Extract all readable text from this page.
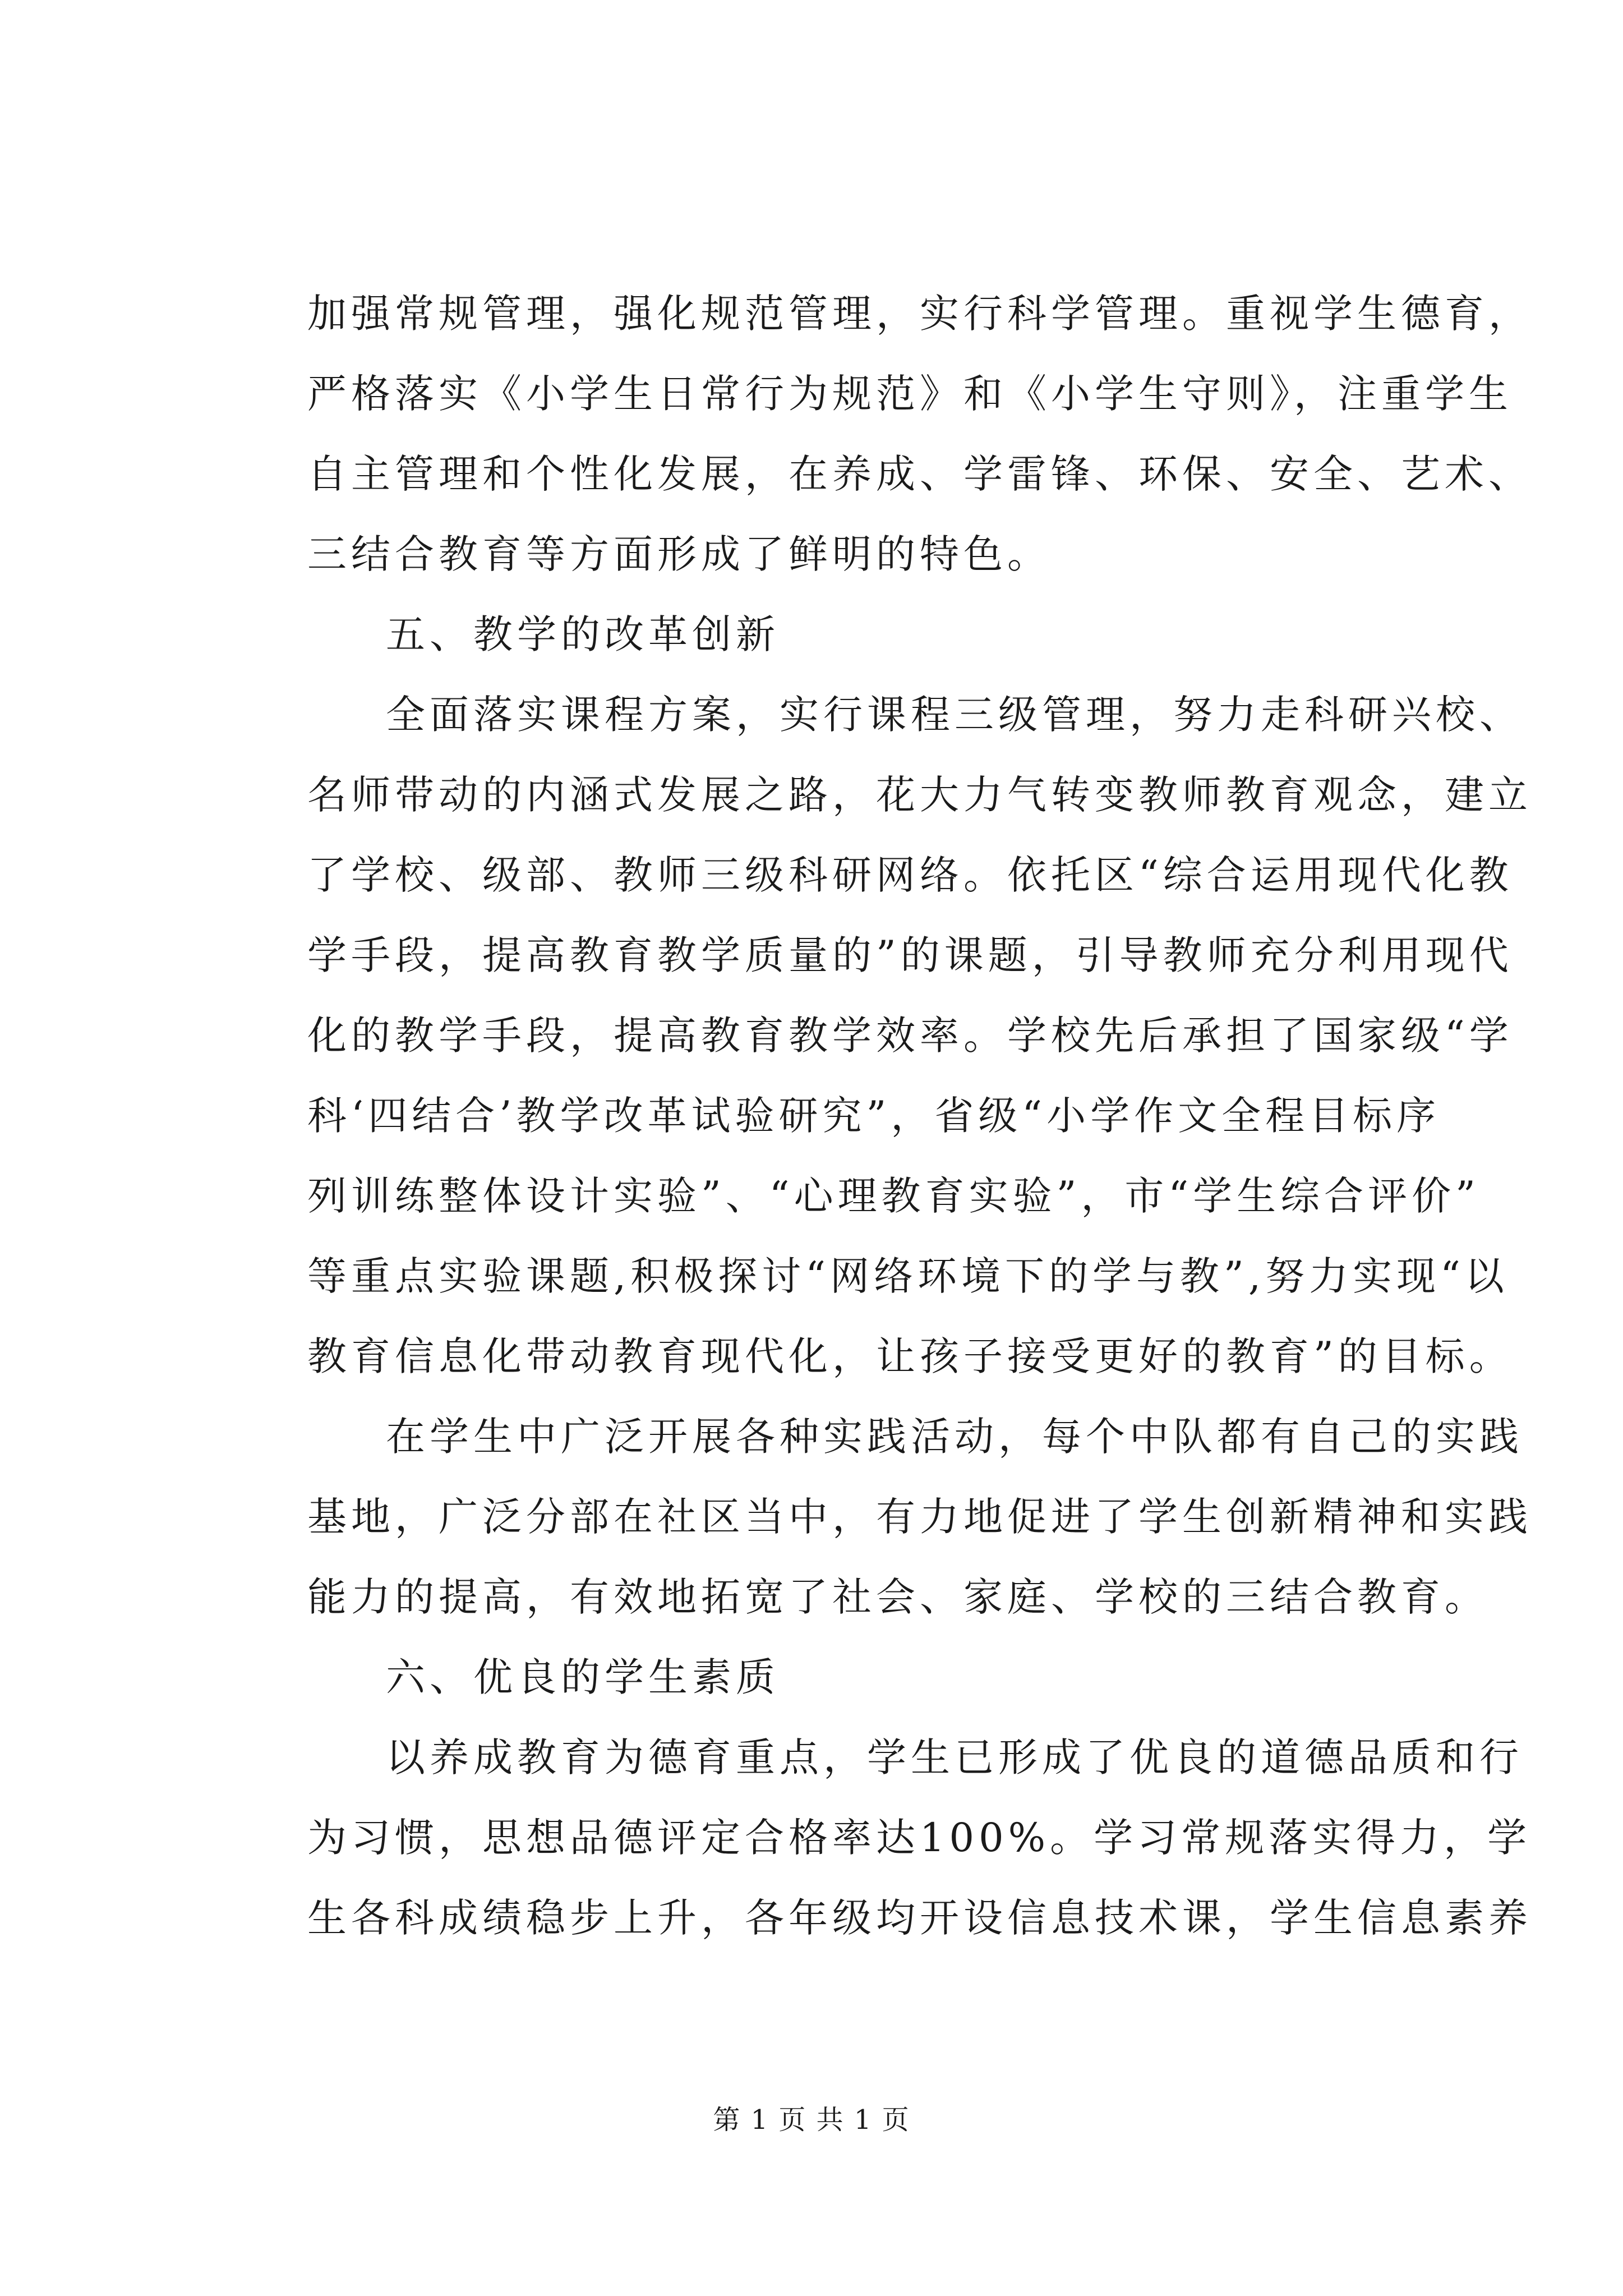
加强常规管理，强化规范管理，实行科学管理。重视学生德育，
严格落实《小学生日常行为规范》和《小学生守则》，注重学生
自主管理和个性化发展，在养成、学雷锋、环保、安全、艺术、
三结合教育等方面形成了鲜明的特色。
五、教学的改革创新
全面落实课程方案，实行课程三级管理，努力走科研兴校、
名师带动的内涵式发展之路，花大力气转变教师教育观念，建立
了学校、级部、教师三级科研网络。依托区“综合运用现代化教
学手段，提高教育教学质量的”的课题，引导教师充分利用现代
化的教学手段，提高教育教学效率。学校先后承担了国家级“学
科‘四结合’教学改革试验研究”，省级“小学作文全程目标序
列训练整体设计实验”、“心理教育实验”，市“学生综合评价”
等重点实验课题,积极探讨“网络环境下的学与教”,努力实现“以
教育信息化带动教育现代化，让孩子接受更好的教育”的目标。
在学生中广泛开展各种实践活动，每个中队都有自己的实践
基地，广泛分部在社区当中，有力地促进了学生创新精神和实践
能力的提高，有效地拓宽了社会、家庭、学校的三结合教育。
六、优良的学生素质
以养成教育为德育重点，学生已形成了优良的道德品质和行
为习惯，思想品德评定合格率达100%。学习常规落实得力，学
生各科成绩稳步上升，各年级均开设信息技术课，学生信息素养
第 1 页 共 1 页
